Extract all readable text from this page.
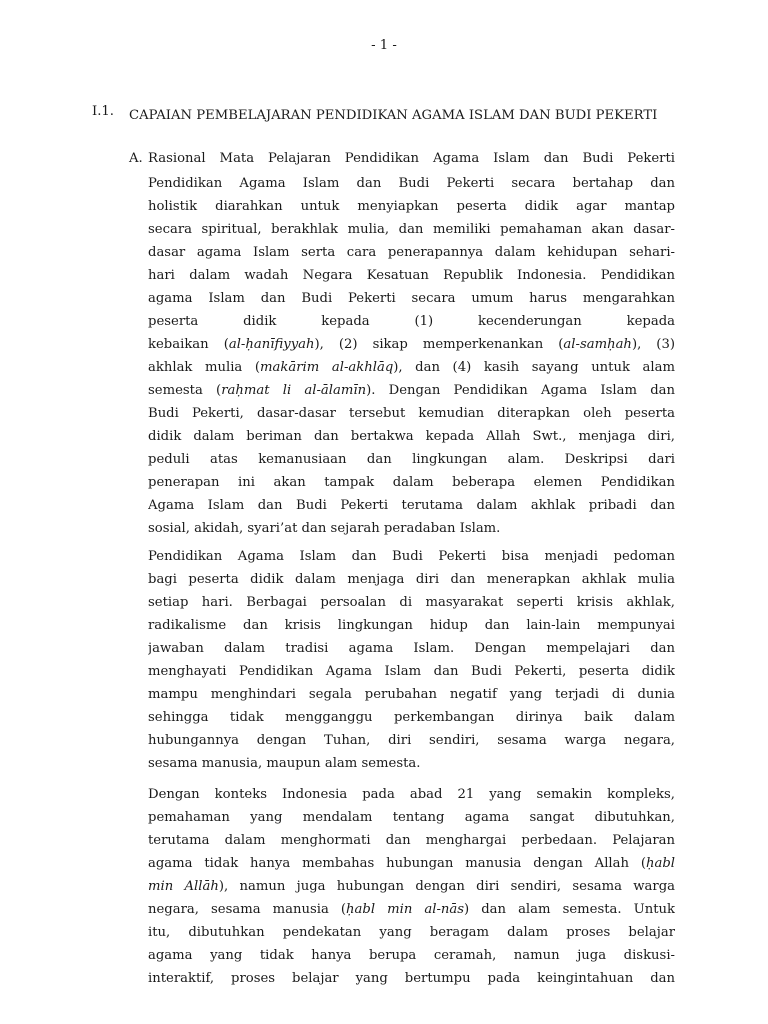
- 1 -
I.1. CAPAIAN PEMBELAJARAN PENDIDIKAN AGAMA ISLAM DAN BUDI PEKERTI
A. Rasional Mata Pelajaran Pendidikan Agama Islam dan Budi Pekerti
Pendidikan Agama Islam dan Budi Pekerti secara bertahap dan
holistik diarahkan untuk menyiapkan peserta didik agar mantap
secara spiritual, berakhlak mulia, dan memiliki pemahaman akan dasar-
dasar agama Islam serta cara penerapannya dalam kehidupan sehari-
hari dalam wadah Negara Kesatuan Republik Indonesia. Pendidikan
agama Islam dan Budi Pekerti secara umum harus mengarahkan
peserta didik kepada (1) kecenderungan kepada
kebaikan (al-ḥanīfiyyah), (2) sikap memperkenankan (al-samḥah), (3)
akhlak mulia (makārim al-akhlāq), dan (4) kasih sayang untuk alam
semesta (raḥmat li al-ālamīn). Dengan Pendidikan Agama Islam dan
Budi Pekerti, dasar-dasar tersebut kemudian diterapkan oleh peserta
didik dalam beriman dan bertakwa kepada Allah Swt., menjaga diri,
peduli atas kemanusiaan dan lingkungan alam. Deskripsi dari
penerapan ini akan tampak dalam beberapa elemen Pendidikan
Agama Islam dan Budi Pekerti terutama dalam akhlak pribadi dan
sosial, akidah, syari’at dan sejarah peradaban Islam.
Pendidikan Agama Islam dan Budi Pekerti bisa menjadi pedoman
bagi peserta didik dalam menjaga diri dan menerapkan akhlak mulia
setiap hari. Berbagai persoalan di masyarakat seperti krisis akhlak,
radikalisme dan krisis lingkungan hidup dan lain-lain mempunyai
jawaban dalam tradisi agama Islam. Dengan mempelajari dan
menghayati Pendidikan Agama Islam dan Budi Pekerti, peserta didik
mampu menghindari segala perubahan negatif yang terjadi di dunia
sehingga tidak mengganggu perkembangan dirinya baik dalam
hubungannya dengan Tuhan, diri sendiri, sesama warga negara,
sesama manusia, maupun alam semesta.
Dengan konteks Indonesia pada abad 21 yang semakin kompleks,
pemahaman yang mendalam tentang agama sangat dibutuhkan,
terutama dalam menghormati dan menghargai perbedaan. Pelajaran
agama tidak hanya membahas hubungan manusia dengan Allah (ḥabl
min Allāh), namun juga hubungan dengan diri sendiri, sesama warga
negara, sesama manusia (ḥabl min al-nās) dan alam semesta. Untuk
itu, dibutuhkan pendekatan yang beragam dalam proses belajar
agama yang tidak hanya berupa ceramah, namun juga diskusi-
interaktif, proses belajar yang bertumpu pada keingintahuan dan
